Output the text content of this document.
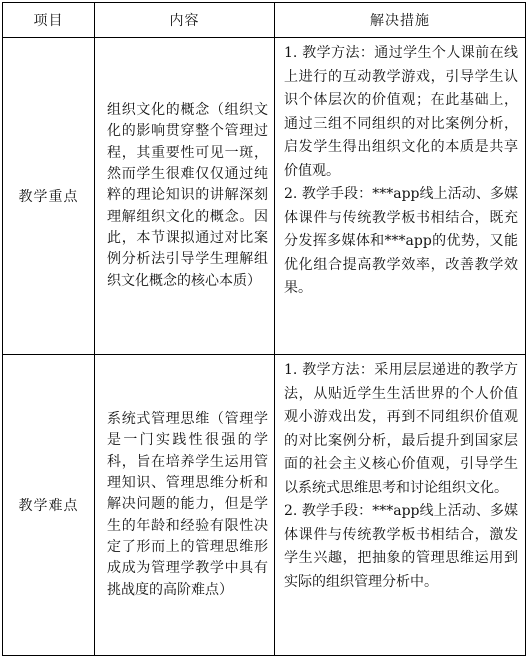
项目	内容	解决措施
教学重点	组织文化的概念（组织文化的影响贯穿整个管理过程，其重要性可见一斑，然而学生很难仅仅通过纯粹的理论知识的讲解深刻理解组织文化的概念。因此，本节课拟通过对比案例分析法引导学生理解组织文化概念的核心本质）	1. 教学方法：通过学生个人课前在线上进行的互动教学游戏，引导学生认识个体层次的价值观；在此基础上，通过三组不同组织的对比案例分析，启发学生得出组织文化的本质是共享价值观。

2. 教学手段：***app线上活动、多媒体课件与传统教学板书相结合，既充分发挥多媒体和***app的优势，又能优化组合提高教学效率，改善教学效果。

教学难点	系统式管理思维（管理学是一门实践性很强的学科，旨在培养学生运用管理知识、管理思维分析和解决问题的能力，但是学生的年龄和经验有限性决定了形而上的管理思维形成成为管理学教学中具有挑战度的高阶难点）	1. 教学方法：采用层层递进的教学方法，从贴近学生生活世界的个人价值观小游戏出发，再到不同组织价值观的对比案例分析，最后提升到国家层面的社会主义核心价值观，引导学生以系统式思维思考和讨论组织文化。

2. 教学手段：***app线上活动、多媒体课件与传统教学板书相结合，激发学生兴趣，把抽象的管理思维运用到实际的组织管理分析中。
